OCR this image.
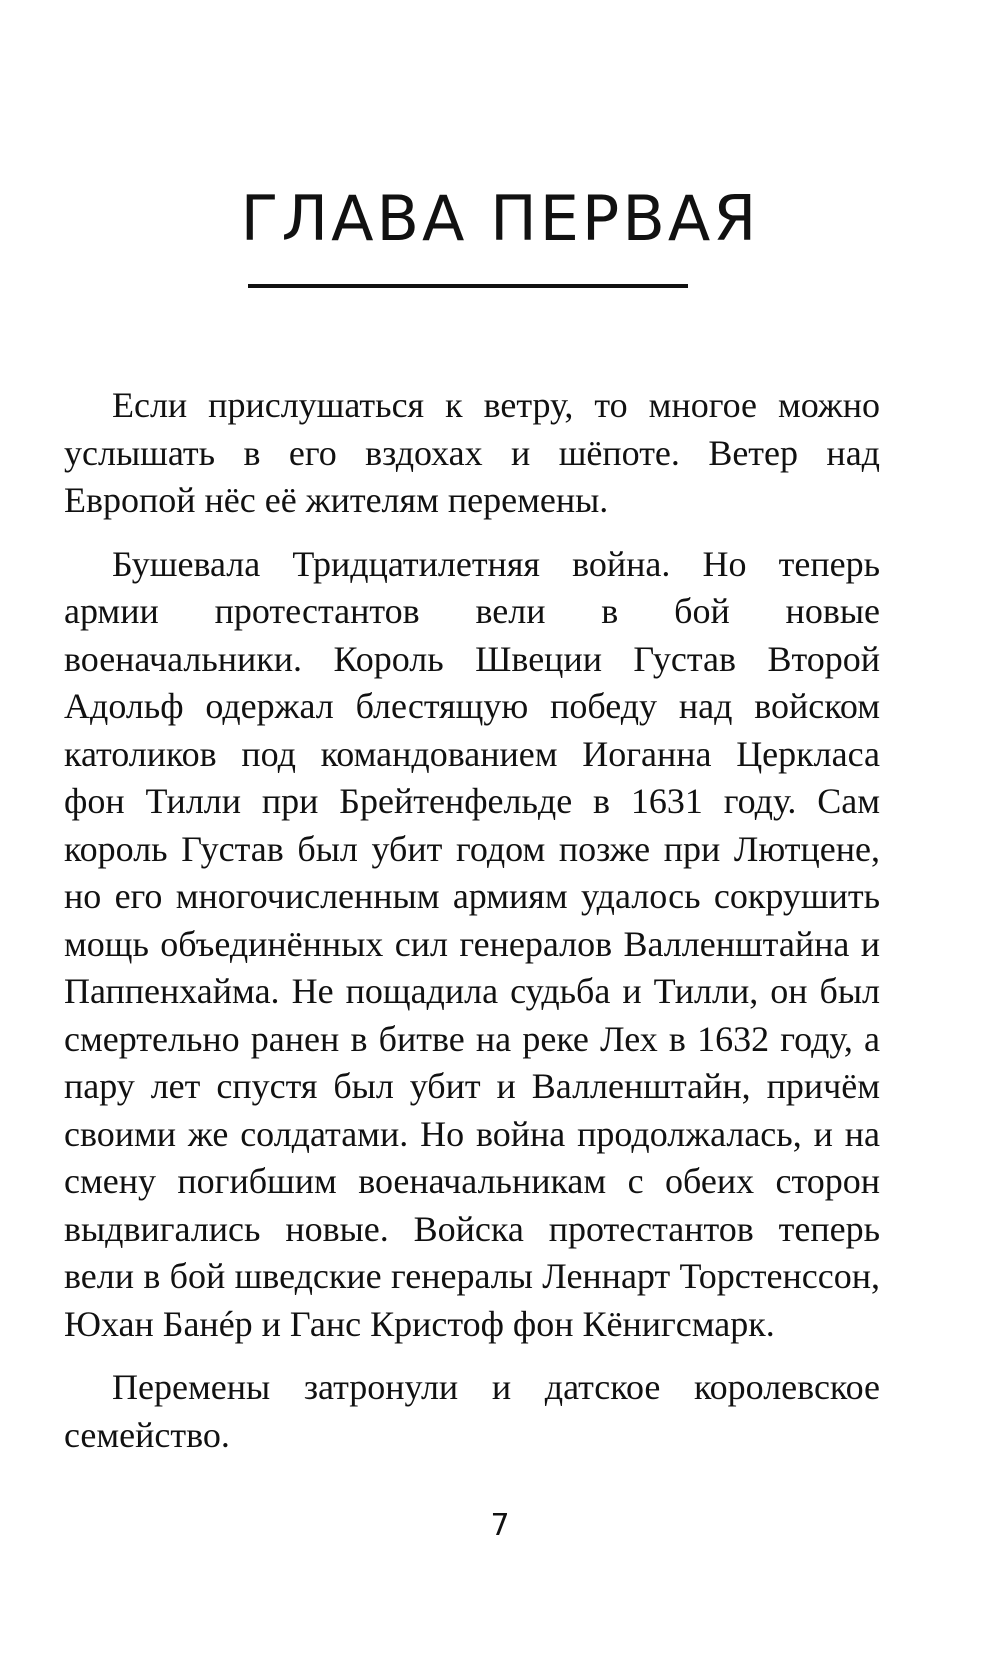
ГЛАВА ПЕРВАЯ

Если прислушаться к ветру, то многое можно услышать в его вздохах и шёпоте. Ветер над Европой нёс её жителям перемены.

Бушевала Тридцатилетняя война. Но теперь армии протестантов вели в бой новые военачальники. Король Швеции Густав Второй Адольф одержал блестящую победу над войском католиков под командованием Иоганна Церкласа фон Тилли при Брейтенфельде в 1631 году. Сам король Густав был убит годом позже при Лютцене, но его многочисленным армиям удалось сокрушить мощь объединённых сил генералов Валленштайна и Паппенхайма. Не пощадила судьба и Тилли, он был смертельно ранен в битве на реке Лех в 1632 году, а пару лет спустя был убит и Валленштайн, причём своими же солдатами. Но война продолжалась, и на смену погибшим военачальникам с обеих сторон выдвигались новые. Войска протестантов теперь вели в бой шведские генералы Леннарт Торстенссон, Юхан Банéр и Ганс Кристоф фон Кёнигсмарк.

Перемены затронули и датское королевское семейство.

7
